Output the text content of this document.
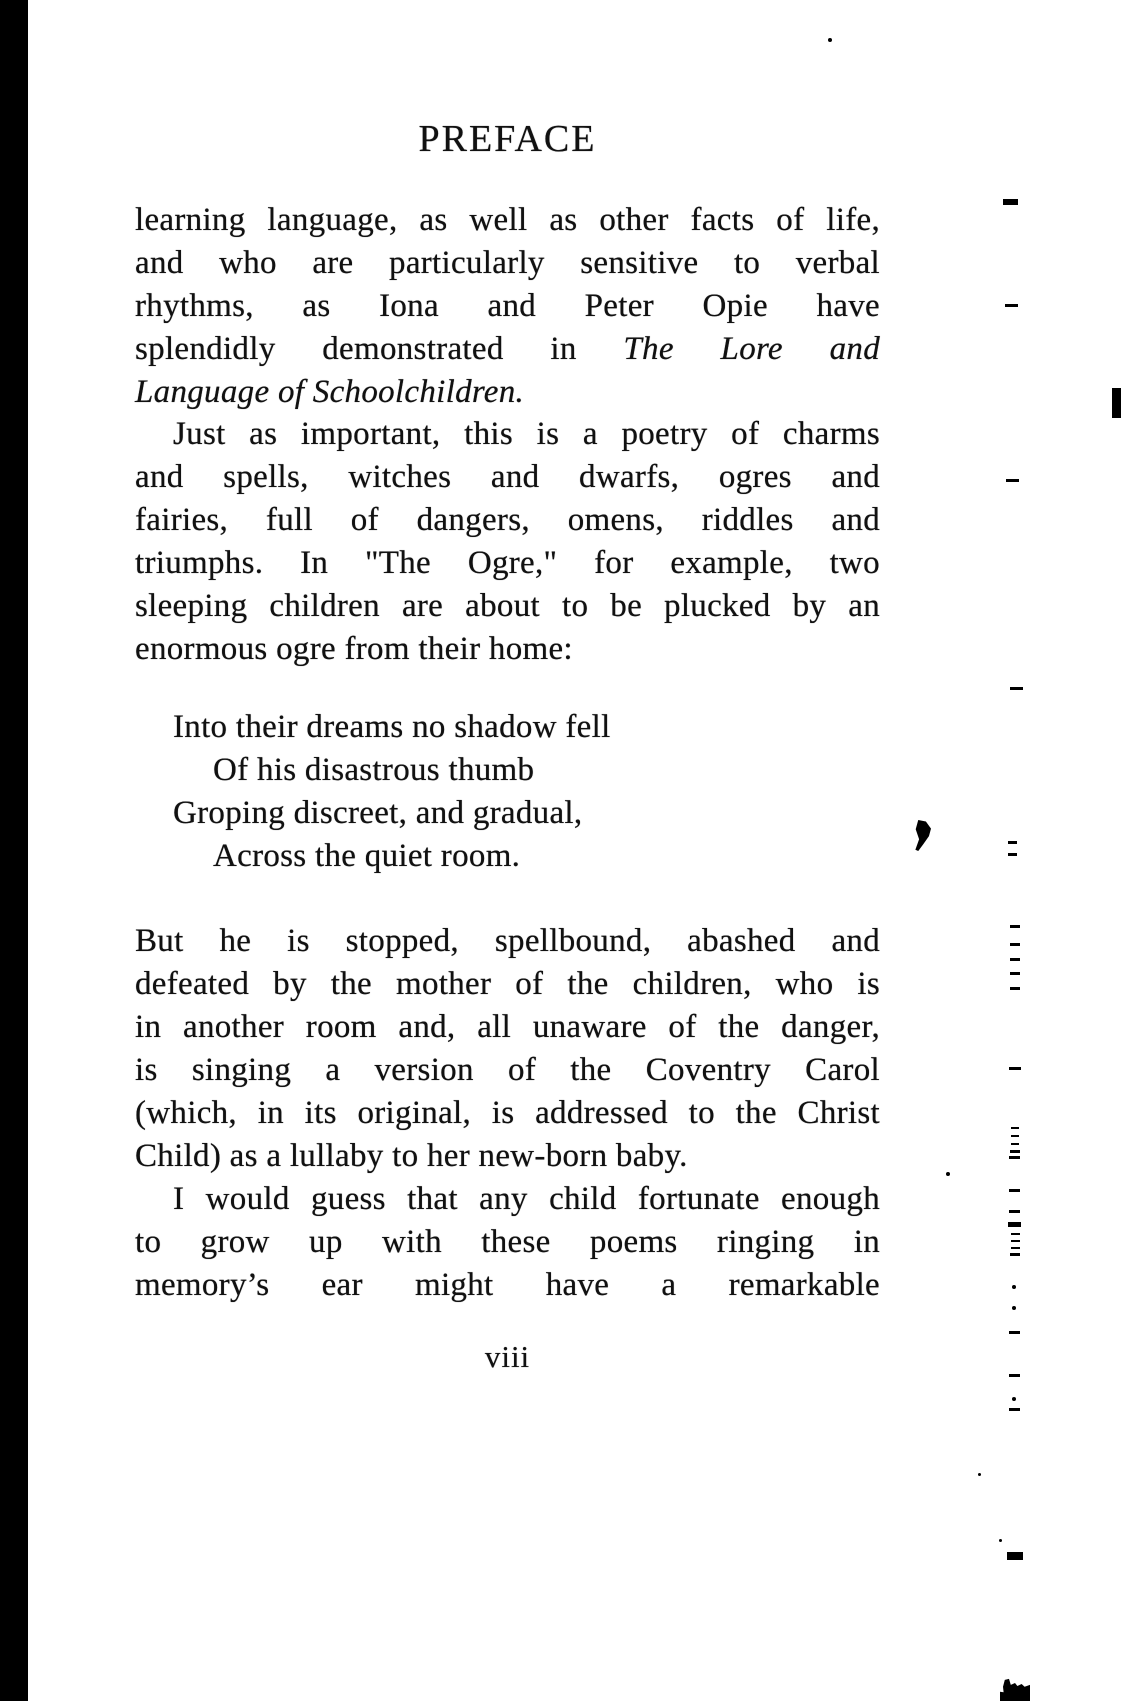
PREFACE
learning language, as well as other facts of life,
and who are particularly sensitive to verbal
rhythms, as Iona and Peter Opie have
splendidly demonstrated in The Lore and
Language of Schoolchildren.
Just as important, this is a poetry of charms
and spells, witches and dwarfs, ogres and
fairies, full of dangers, omens, riddles and
triumphs. In "The Ogre," for example, two
sleeping children are about to be plucked by an
enormous ogre from their home:
Into their dreams no shadow fell
Of his disastrous thumb
Groping discreet, and gradual,
Across the quiet room.
But he is stopped, spellbound, abashed and
defeated by the mother of the children, who is
in another room and, all unaware of the danger,
is singing a version of the Coventry Carol
(which, in its original, is addressed to the Christ
Child) as a lullaby to her new-born baby.
I would guess that any child fortunate enough
to grow up with these poems ringing in
memory’s ear might have a remarkable
viii
